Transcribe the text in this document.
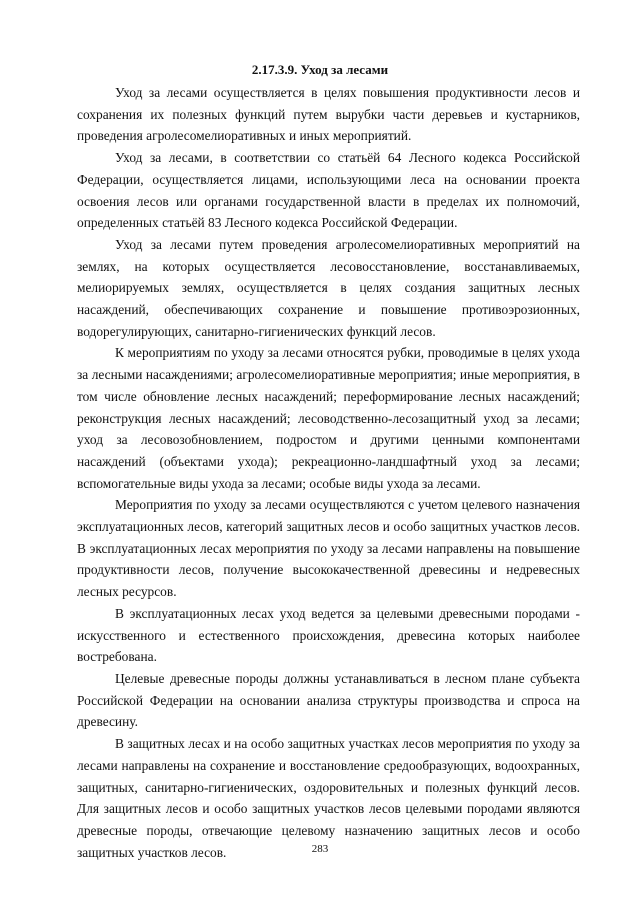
2.17.3.9. Уход за лесами

Уход за лесами осуществляется в целях повышения продуктивности лесов и сохранения их полезных функций путем вырубки части деревьев и кустарников, проведения агролесомелиоративных и иных мероприятий.

Уход за лесами, в соответствии со статьёй 64 Лесного кодекса Российской Федерации, осуществляется лицами, использующими леса на основании проекта освоения лесов или органами государственной власти в пределах их полномочий, определенных статьёй 83 Лесного кодекса Российской Федерации.

Уход за лесами путем проведения агролесомелиоративных мероприятий на землях, на которых осуществляется лесовосстановление, восстанавливаемых, мелиорируемых землях, осуществляется в целях создания защитных лесных насаждений, обеспечивающих сохранение и повышение противоэрозионных, водорегулирующих, санитарно-гигиенических функций лесов.

К мероприятиям по уходу за лесами относятся рубки, проводимые в целях ухода за лесными насаждениями; агролесомелиоративные мероприятия; иные мероприятия, в том числе обновление лесных насаждений; переформирование лесных насаждений; реконструкция лесных насаждений; лесоводственно-лесозащитный уход за лесами; уход за лесовозобновлением, подростом и другими ценными компонентами насаждений (объектами ухода); рекреационно-ландшафтный уход за лесами; вспомогательные виды ухода за лесами; особые виды ухода за лесами.

Мероприятия по уходу за лесами осуществляются с учетом целевого назначения эксплуатационных лесов, категорий защитных лесов и особо защитных участков лесов. В эксплуатационных лесах мероприятия по уходу за лесами направлены на повышение продуктивности лесов, получение высококачественной древесины и недревесных лесных ресурсов.

В эксплуатационных лесах уход ведется за целевыми древесными породами - искусственного и естественного происхождения, древесина которых наиболее востребована.

Целевые древесные породы должны устанавливаться в лесном плане субъекта Российской Федерации на основании анализа структуры производства и спроса на древесину.

В защитных лесах и на особо защитных участках лесов мероприятия по уходу за лесами направлены на сохранение и восстановление средообразующих, водоохранных, защитных, санитарно-гигиенических, оздоровительных и полезных функций лесов. Для защитных лесов и особо защитных участков лесов целевыми породами являются древесные породы, отвечающие целевому назначению защитных лесов и особо защитных участков лесов.	283
